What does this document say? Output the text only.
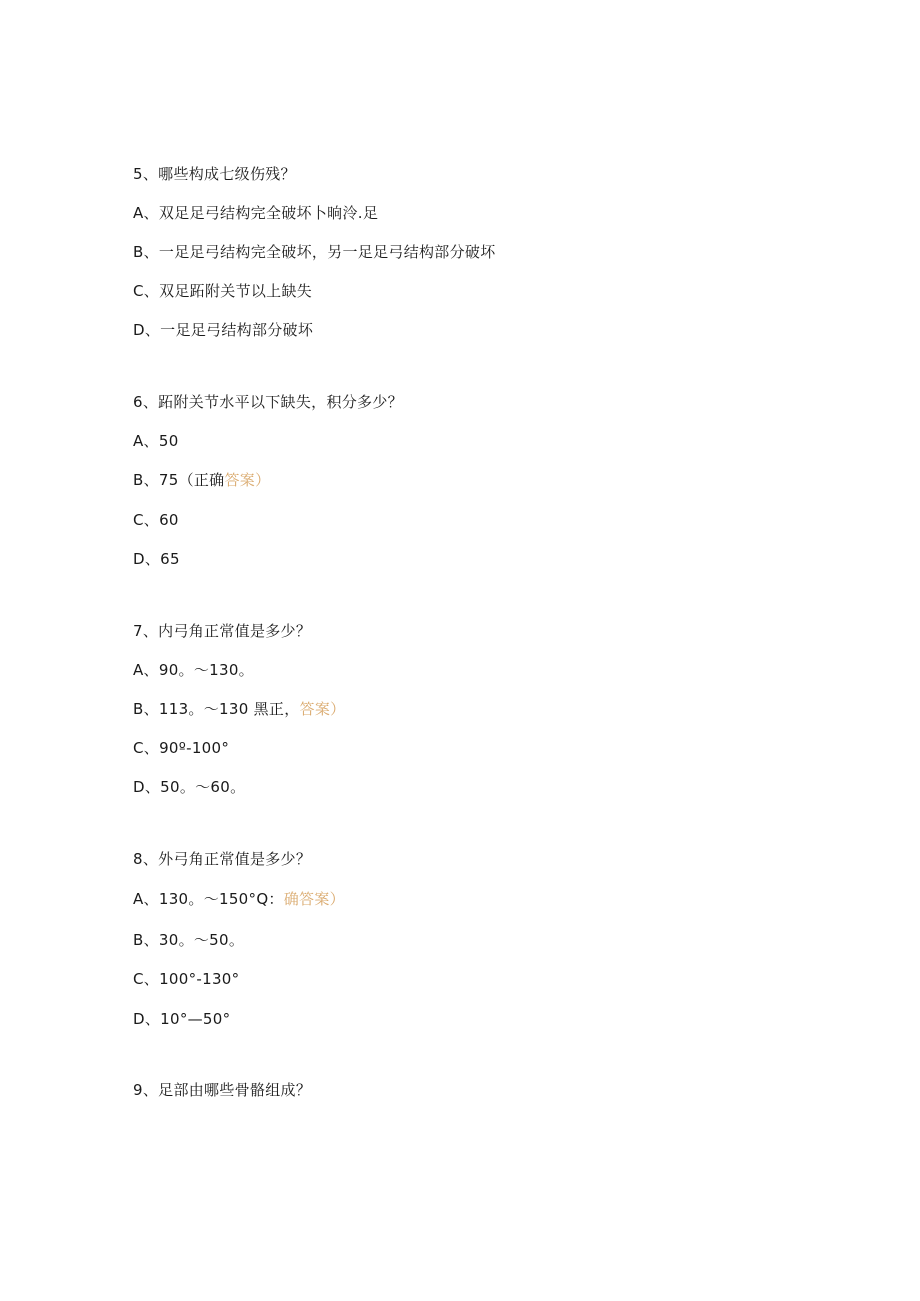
5、哪些构成七级伤残？
A、双足足弓结构完全破坏卜晌泠.足
B、一足足弓结构完全破坏，另一足足弓结构部分破坏
C、双足跖附关节以上缺失
D、一足足弓结构部分破坏
6、跖附关节水平以下缺失，积分多少？
A、50
B、75（正确答案）
C、60
D、65
7、内弓角正常值是多少？
A、90。～130。
B、113。～130 黑正，答案）
C、90º-100°
D、50。～60。
8、外弓角正常值是多少？
A、130。～150°Q：确答案）
B、30。～50。
C、100°-130°
D、10°—50°
9、足部由哪些骨骼组成？
